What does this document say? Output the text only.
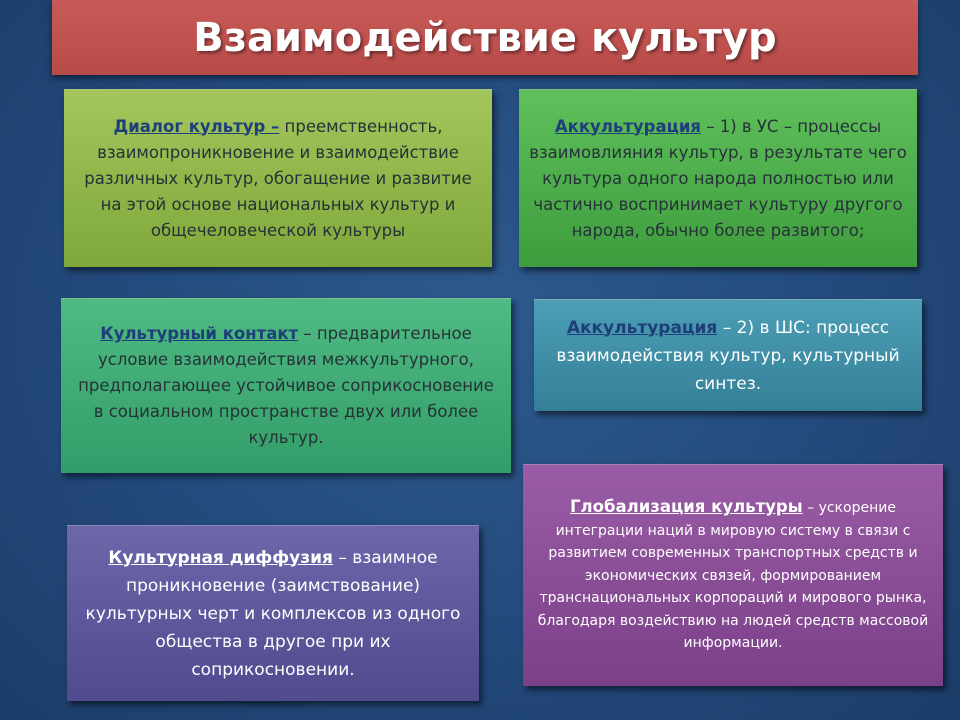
Взаимодействие культур

Диалог культур – преемственность, взаимопроникновение и взаимодействие различных культур, обогащение и развитие на этой основе национальных культур и общечеловеческой культуры

Аккультурация – 1) в УС – процессы взаимовлияния культур, в результате чего культура одного народа полностью или частично воспринимает культуру другого народа, обычно более развитого;

Культурный контакт – предварительное условие взаимодействия межкультурного, предполагающее устойчивое соприкосновение в социальном пространстве двух или более культур.

Аккультурация – 2) в ШС: процесс взаимодействия культур, культурный синтез.

Культурная диффузия – взаимное проникновение (заимствование) культурных черт и комплексов из одного общества в другое при их соприкосновении.

Глобализация культуры – ускорение интеграции наций в мировую систему в связи с развитием современных транспортных средств и экономических связей, формированием транснациональных корпораций и мирового рынка, благодаря воздействию на людей средств массовой информации.
